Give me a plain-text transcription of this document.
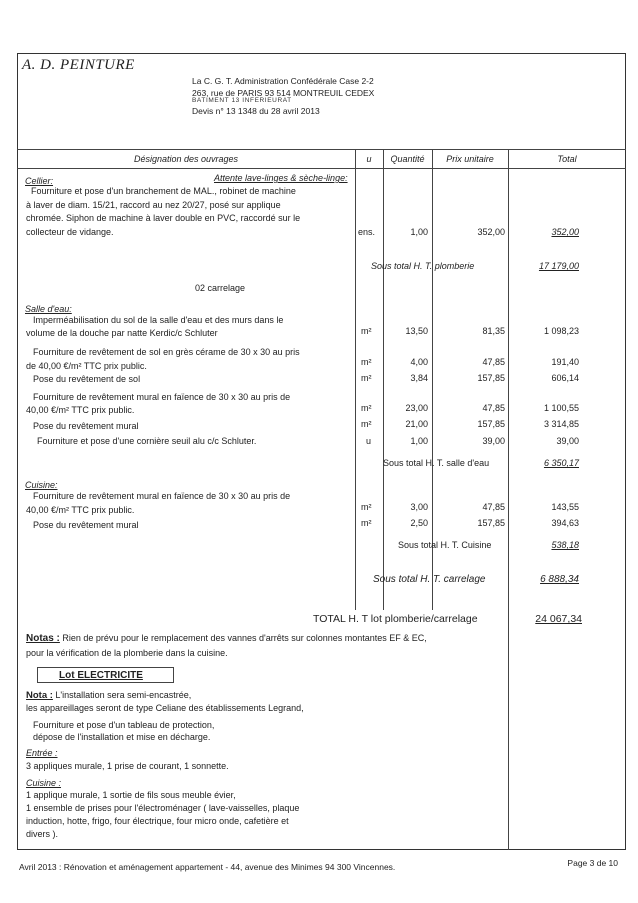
A. D. PEINTURE
La C. G. T. Administration Confédérale Case 2-2
263, rue de PARIS 93 514 MONTREUIL CEDEX
BATIMENT 13 INFERIEURAT
Devis n° 13 1348 du 28 avril 2013
Désignation des ouvrages	u	Quantité	Prix unitaire	Total
Cellier:	Attente lave-linges & sèche-linge:
Fourniture et pose d'un branchement de MAL., robinet de machine
à laver de diam. 15/21, raccord au nez 20/27, posé sur applique
chromée. Siphon de machine à laver double en PVC, raccordé sur le
collecteur de vidange.	ens.	1,00	352,00	352,00
Sous total H. T. plomberie	17 179,00
02 carrelage
Salle d'eau:
Imperméabilisation du sol de la salle d'eau et des murs dans le
volume de la douche par natte Kerdic/c Schluter	m²	13,50	81,35	1 098,23
Fourniture de revêtement de sol en grès cérame de 30 x 30 au pris
de 40,00 €/m² TTC prix public.	m²	4,00	47,85	191,40
Pose du revêtement de sol	m²	3,84	157,85	606,14
Fourniture de revêtement mural en faïence de 30 x 30 au pris de
40,00 €/m² TTC prix public.	m²	23,00	47,85	1 100,55
Pose du revêtement mural	m²	21,00	157,85	3 314,85
Fourniture et pose d'une cornière seuil alu c/c Schluter.	u	1,00	39,00	39,00
Sous total H. T. salle d'eau	6 350,17
Cuisine:
Fourniture de revêtement mural en faïence de 30 x 30 au pris de
40,00 €/m² TTC prix public.	m²	3,00	47,85	143,55
Pose du revêtement mural	m²	2,50	157,85	394,63
Sous total H. T. Cuisine	538,18
Sous total H. T. carrelage	6 888,34
TOTAL H. T lot plomberie/carrelage	24 067,34
Notas : Rien de prévu pour le remplacement des vannes d'arrêts sur colonnes montantes EF & EC,
pour la vérification de la plomberie dans la cuisine.
Lot ELECTRICITE
Nota : L'installation sera semi-encastrée,
les appareillages seront de type Celiane des établissements Legrand,
Fourniture et pose d'un tableau de protection,
dépose de l'installation et mise en décharge.
Entrée :
3 appliques murale, 1 prise de courant, 1 sonnette.
Cuisine :
1 applique murale, 1 sortie de fils sous meuble évier,
1 ensemble de prises pour l'électroménager ( lave-vaisselles, plaque
induction, hotte, frigo, four électrique, four micro onde, cafetière et
divers ).
Avril 2013 : Rénovation et aménagement appartement - 44, avenue des Minimes 94 300 Vincennes.	Page 3 de 10
